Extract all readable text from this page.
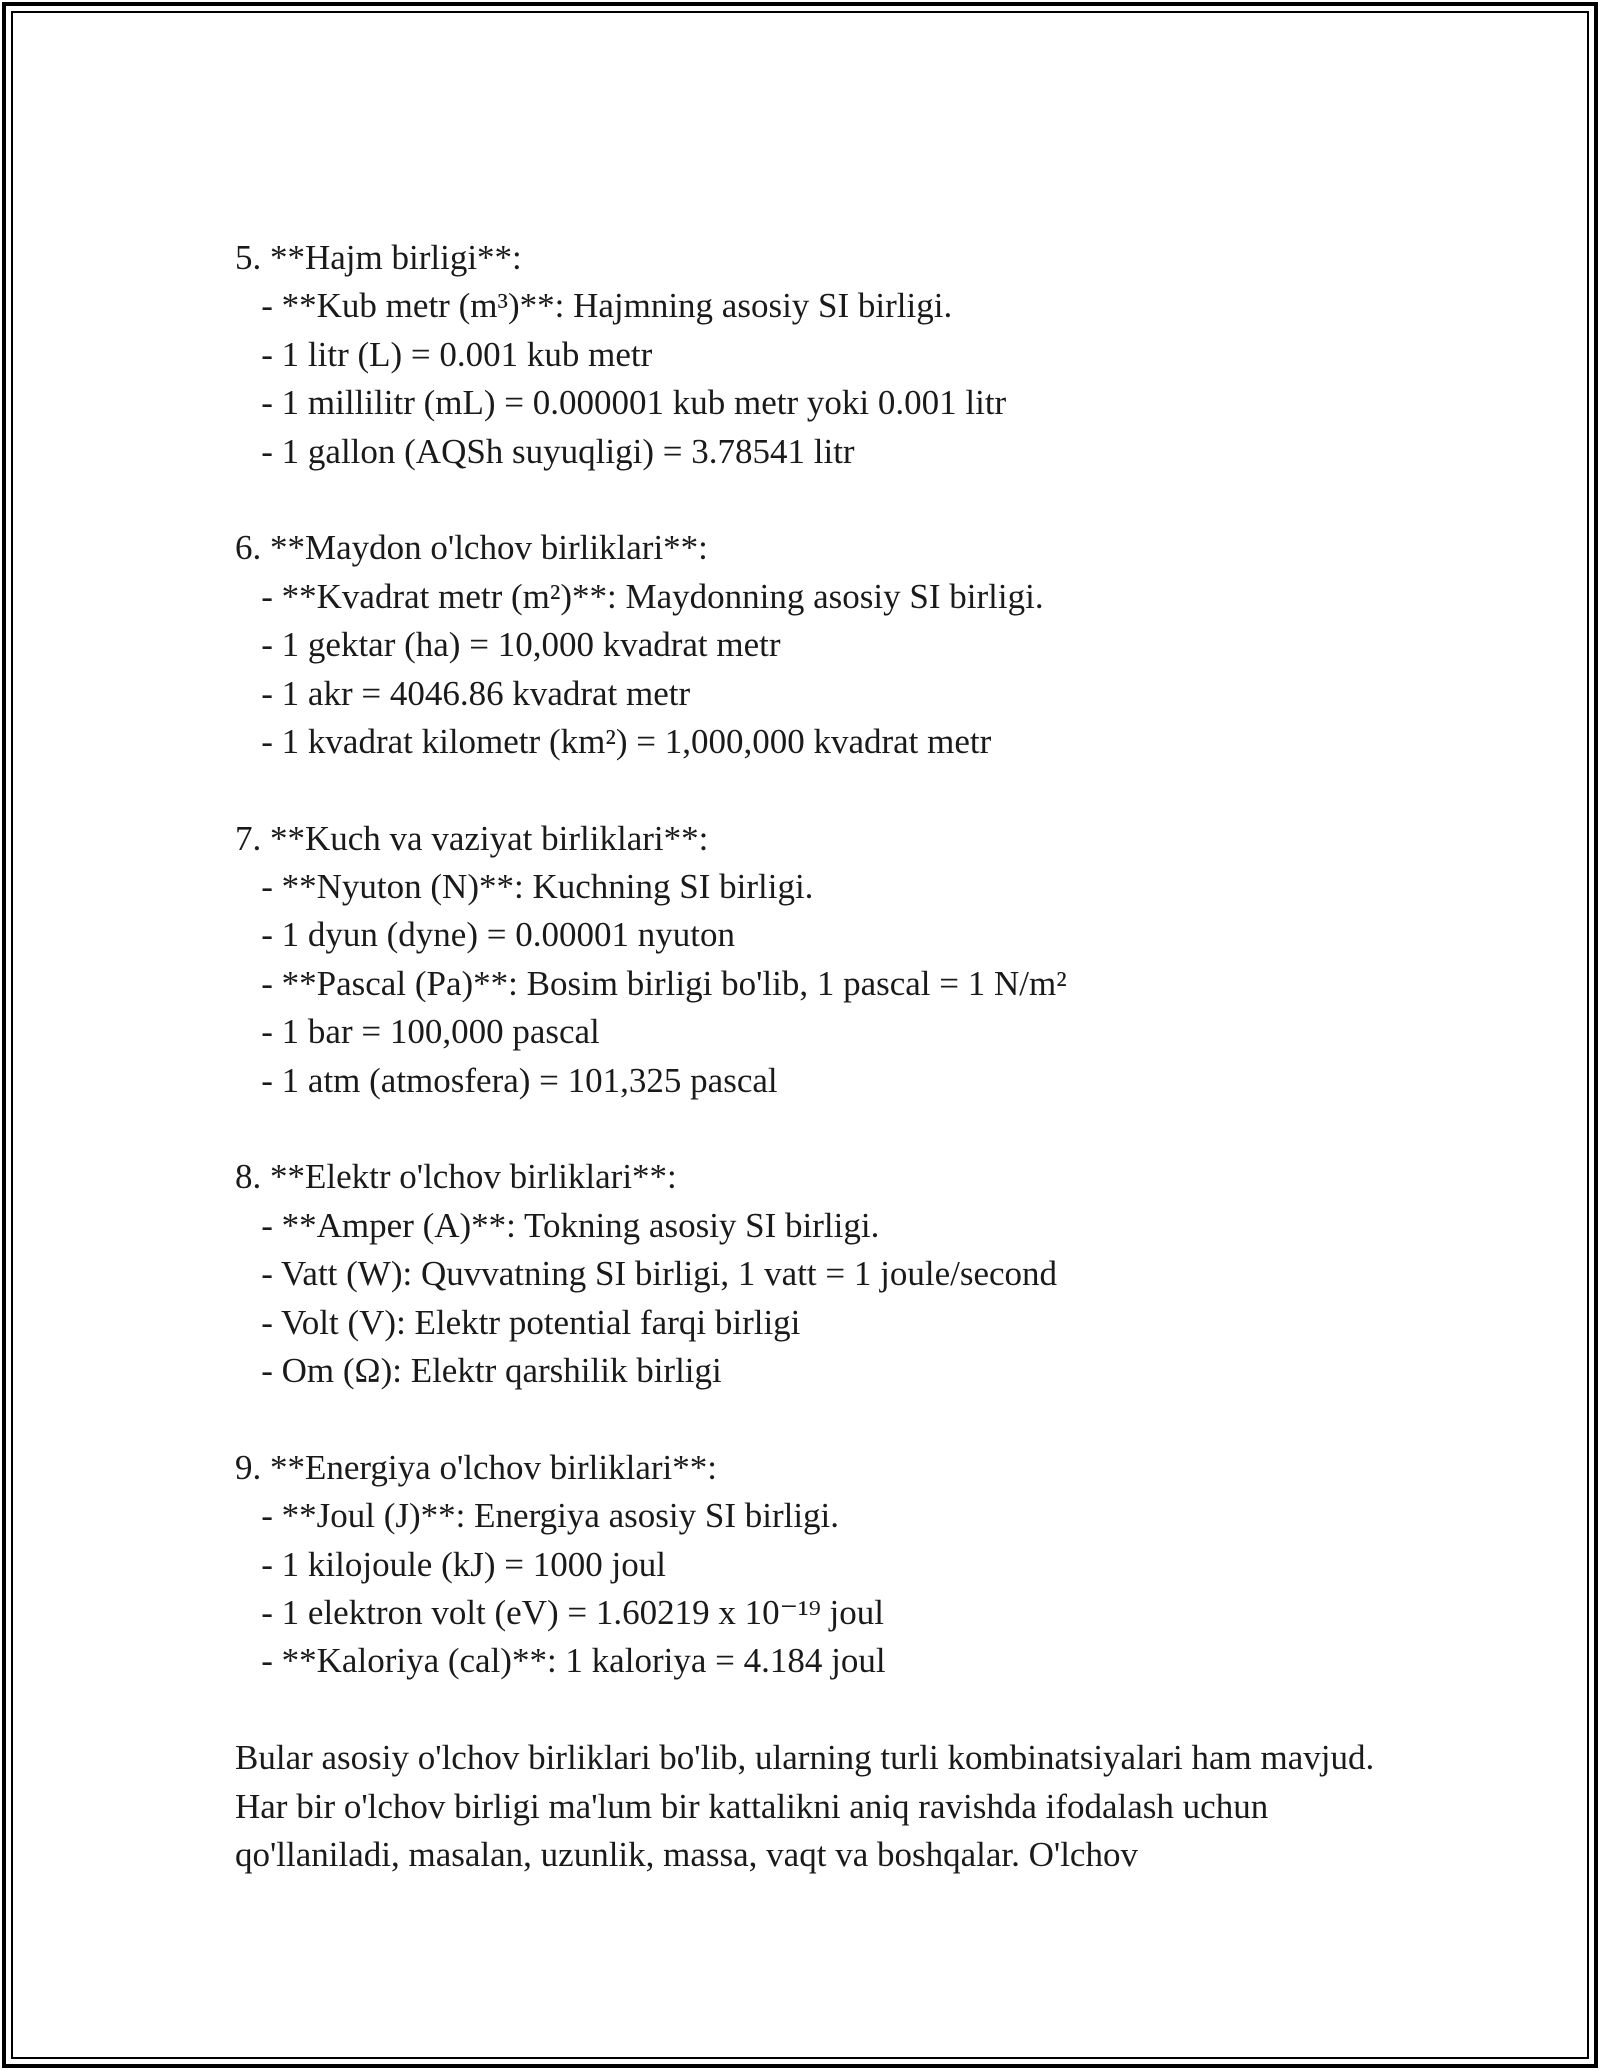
5. **Hajm birligi**:

- **Kub metr (m³)**: Hajmning asosiy SI birligi.

- 1 litr (L) = 0.001 kub metr

- 1 millilitr (mL) = 0.000001 kub metr yoki 0.001 litr

- 1 gallon (AQSh suyuqligi) = 3.78541 litr

6. **Maydon o'lchov birliklari**:

- **Kvadrat metr (m²)**: Maydonning asosiy SI birligi.

- 1 gektar (ha) = 10,000 kvadrat metr

- 1 akr = 4046.86 kvadrat metr

- 1 kvadrat kilometr (km²) = 1,000,000 kvadrat metr

7. **Kuch va vaziyat birliklari**:

- **Nyuton (N)**: Kuchning SI birligi.

- 1 dyun (dyne) = 0.00001 nyuton

- **Pascal (Pa)**: Bosim birligi bo'lib, 1 pascal = 1 N/m²

- 1 bar = 100,000 pascal

- 1 atm (atmosfera) = 101,325 pascal

8. **Elektr o'lchov birliklari**:

- **Amper (A)**: Tokning asosiy SI birligi.

- Vatt (W): Quvvatning SI birligi, 1 vatt = 1 joule/second

- Volt (V): Elektr potential farqi birligi

- Om (Ω): Elektr qarshilik birligi

9. **Energiya o'lchov birliklari**:

- **Joul (J)**: Energiya asosiy SI birligi.

- 1 kilojoule (kJ) = 1000 joul

- 1 elektron volt (eV) = 1.60219 x 10⁻¹⁹ joul

- **Kaloriya (cal)**: 1 kaloriya = 4.184 joul

Bular asosiy o'lchov birliklari bo'lib, ularning turli kombinatsiyalari ham mavjud. Har bir o'lchov birligi ma'lum bir kattalikni aniq ravishda ifodalash uchun qo'llaniladi, masalan, uzunlik, massa, vaqt va boshqalar. O'lchov
